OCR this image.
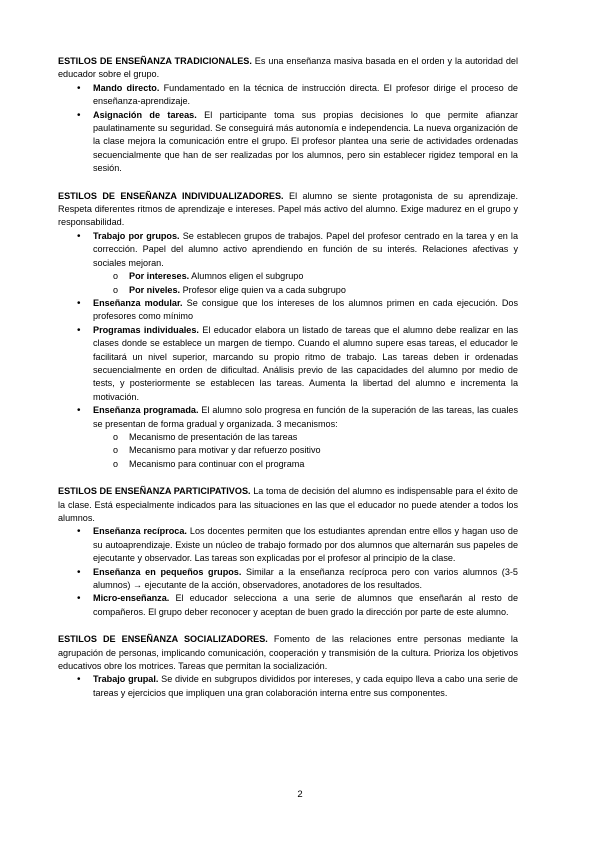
ESTILOS DE ENSEÑANZA TRADICIONALES. Es una enseñanza masiva basada en el orden y la autoridad del educador sobre el grupo.

• Mando directo. Fundamentado en la técnica de instrucción directa. El profesor dirige el proceso de enseñanza-aprendizaje.
• Asignación de tareas. El participante toma sus propias decisiones lo que permite afianzar paulatinamente su seguridad. Se conseguirá más autonomía e independencia. La nueva organización de la clase mejora la comunicación entre el grupo. El profesor plantea una serie de actividades ordenadas secuencialmente que han de ser realizadas por los alumnos, pero sin establecer rigidez temporal en la sesión.

ESTILOS DE ENSEÑANZA INDIVIDUALIZADORES. El alumno se siente protagonista de su aprendizaje. Respeta diferentes ritmos de aprendizaje e intereses. Papel más activo del alumno. Exige madurez en el grupo y responsabilidad.

• Trabajo por grupos. Se establecen grupos de trabajos. Papel del profesor centrado en la tarea y en la corrección. Papel del alumno activo aprendiendo en función de su interés. Relaciones afectivas y sociales mejoran.
o Por intereses. Alumnos eligen el subgrupo
o Por niveles. Profesor elige quien va a cada subgrupo
• Enseñanza modular. Se consigue que los intereses de los alumnos primen en cada ejecución. Dos profesores como mínimo
• Programas individuales. El educador elabora un listado de tareas que el alumno debe realizar en las clases donde se establece un margen de tiempo. Cuando el alumno supere esas tareas, el educador le facilitará un nivel superior, marcando su propio ritmo de trabajo. Las tareas deben ir ordenadas secuencialmente en orden de dificultad. Análisis previo de las capacidades del alumno por medio de tests, y posteriormente se establecen las tareas. Aumenta la libertad del alumno e incrementa la motivación.
• Enseñanza programada. El alumno solo progresa en función de la superación de las tareas, las cuales se presentan de forma gradual y organizada. 3 mecanismos:
o Mecanismo de presentación de las tareas
o Mecanismo para motivar y dar refuerzo positivo
o Mecanismo para continuar con el programa

ESTILOS DE ENSEÑANZA PARTICIPATIVOS. La toma de decisión del alumno es indispensable para el éxito de la clase. Está especialmente indicados para las situaciones en las que el educador no puede atender a todos los alumnos.

• Enseñanza recíproca. Los docentes permiten que los estudiantes aprendan entre ellos y hagan uso de su autoaprendizaje. Existe un núcleo de trabajo formado por dos alumnos que alternarán sus papeles de ejecutante y observador. Las tareas son explicadas por el profesor al principio de la clase.
• Enseñanza en pequeños grupos. Similar a la enseñanza recíproca pero con varios alumnos (3-5 alumnos) → ejecutante de la acción, observadores, anotadores de los resultados.
• Micro-enseñanza. El educador selecciona a una serie de alumnos que enseñarán al resto de compañeros. El grupo deber reconocer y aceptan de buen grado la dirección por parte de este alumno.

ESTILOS DE ENSEÑANZA SOCIALIZADORES. Fomento de las relaciones entre personas mediante la agrupación de personas, implicando comunicación, cooperación y transmisión de la cultura. Prioriza los objetivos educativos obre los motrices. Tareas que permitan la socialización.

• Trabajo grupal. Se divide en subgrupos divididos por intereses, y cada equipo lleva a cabo una serie de tareas y ejercicios que impliquen una gran colaboración interna entre sus componentes.
2
